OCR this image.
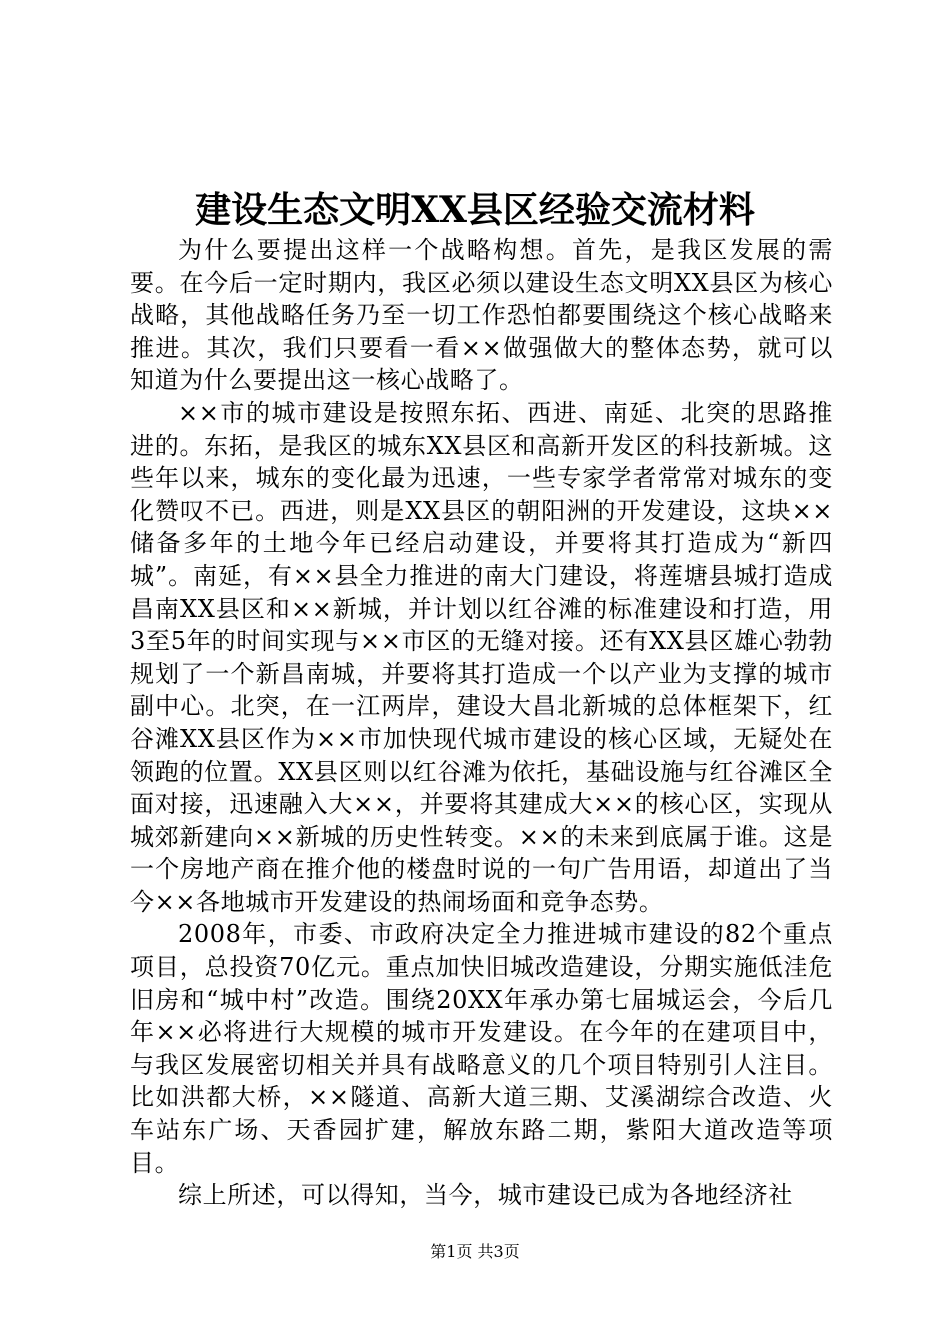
建设生态文明XX县区经验交流材料

为什么要提出这样一个战略构想。首先，是我区发展的需要。在今后一定时期内，我区必须以建设生态文明XX县区为核心战略，其他战略任务乃至一切工作恐怕都要围绕这个核心战略来推进。其次，我们只要看一看××做强做大的整体态势，就可以知道为什么要提出这一核心战略了。

××市的城市建设是按照东拓、西进、南延、北突的思路推进的。东拓，是我区的城东XX县区和高新开发区的科技新城。这些年以来，城东的变化最为迅速，一些专家学者常常对城东的变化赞叹不已。西进，则是XX县区的朝阳洲的开发建设，这块××储备多年的土地今年已经启动建设，并要将其打造成为“新四城”。南延，有××县全力推进的南大门建设，将莲塘县城打造成昌南XX县区和××新城，并计划以红谷滩的标准建设和打造，用3至5年的时间实现与××市区的无缝对接。还有XX县区雄心勃勃规划了一个新昌南城，并要将其打造成一个以产业为支撑的城市副中心。北突，在一江两岸，建设大昌北新城的总体框架下，红谷滩XX县区作为××市加快现代城市建设的核心区域，无疑处在领跑的位置。XX县区则以红谷滩为依托，基础设施与红谷滩区全面对接，迅速融入大××，并要将其建成大××的核心区，实现从城郊新建向××新城的历史性转变。××的未来到底属于谁。这是一个房地产商在推介他的楼盘时说的一句广告用语，却道出了当今××各地城市开发建设的热闹场面和竞争态势。

2008年，市委、市政府决定全力推进城市建设的82个重点项目，总投资70亿元。重点加快旧城改造建设，分期实施低洼危旧房和“城中村”改造。围绕20XX年承办第七届城运会，今后几年××必将进行大规模的城市开发建设。在今年的在建项目中，与我区发展密切相关并具有战略意义的几个项目特别引人注目。比如洪都大桥，××隧道、高新大道三期、艾溪湖综合改造、火车站东广场、天香园扩建，解放东路二期，紫阳大道改造等项目。

综上所述，可以得知，当今，城市建设已成为各地经济社

第1页 共3页
